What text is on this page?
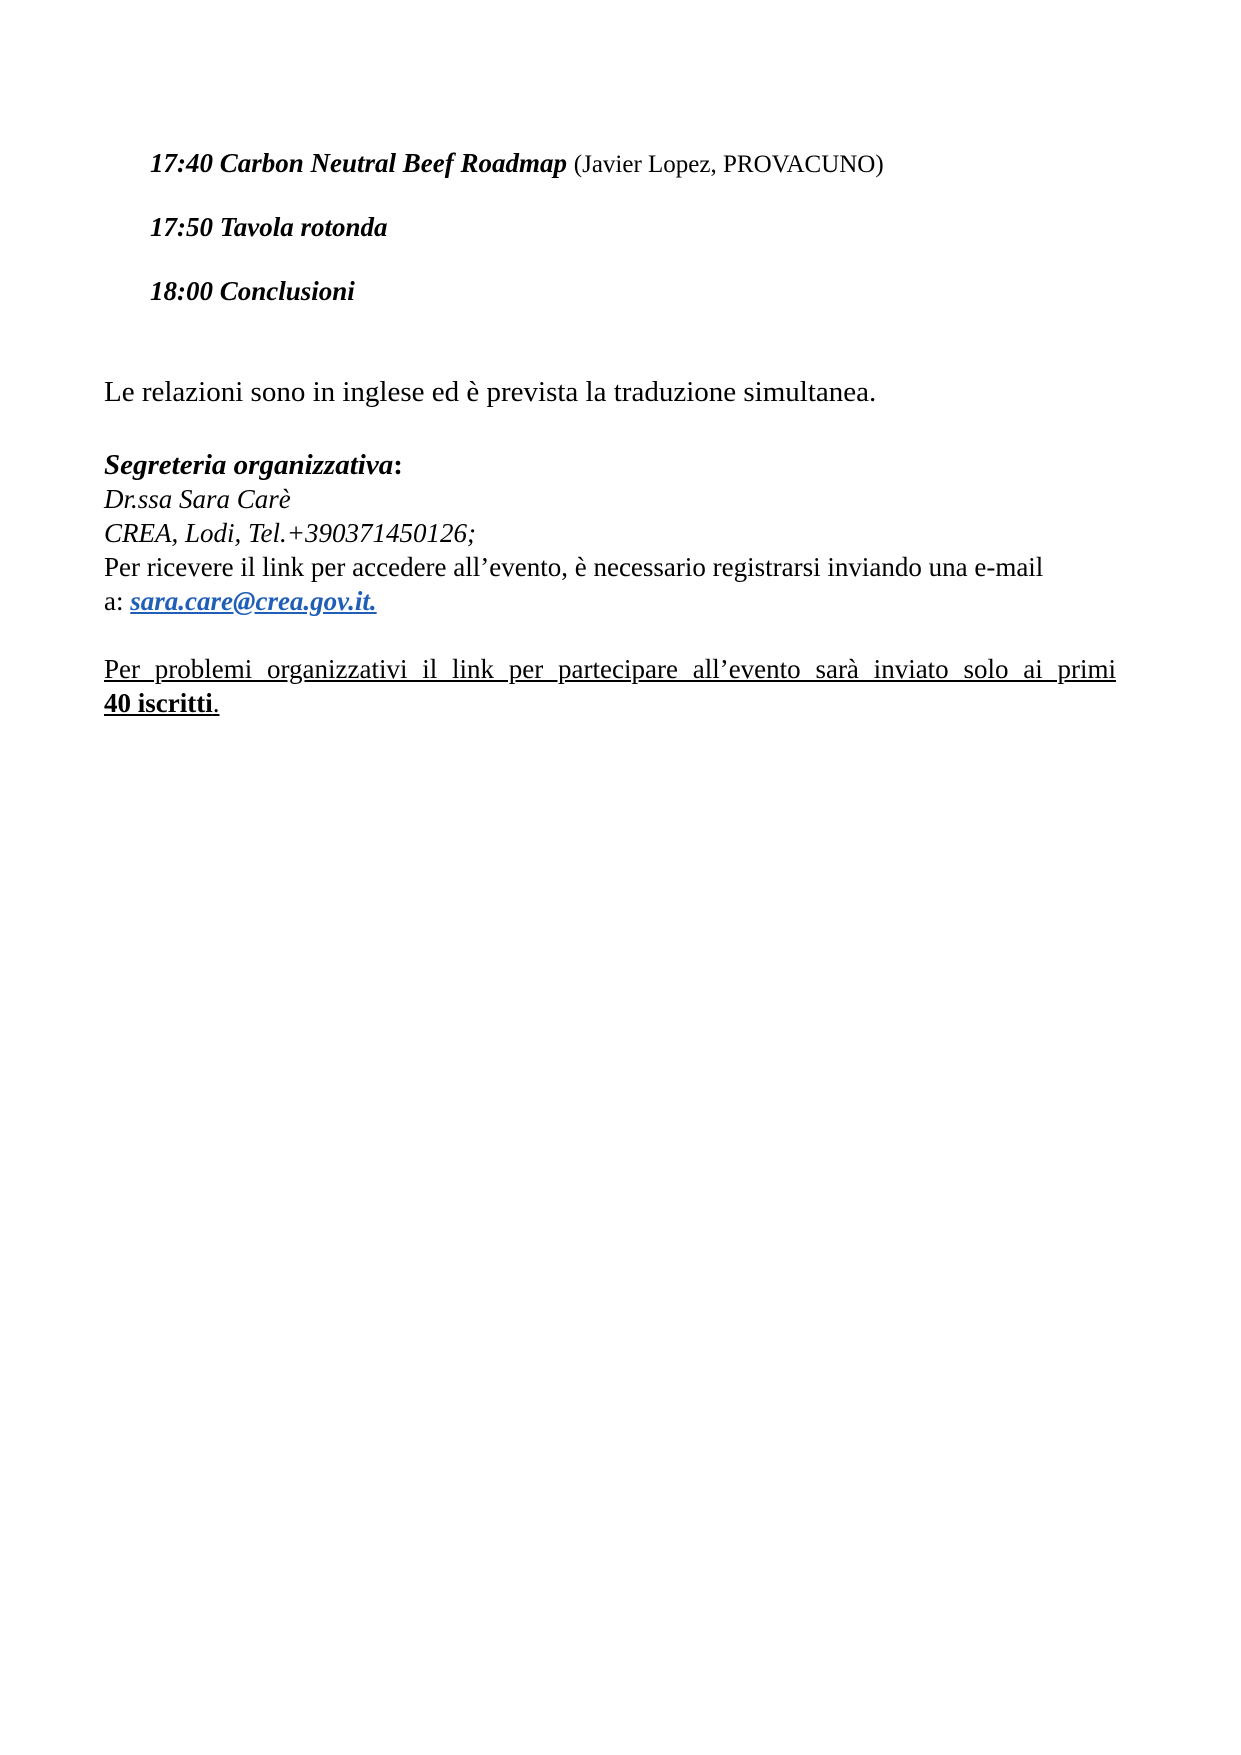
17:40 Carbon Neutral Beef Roadmap (Javier Lopez, PROVACUNO)
17:50 Tavola rotonda
18:00 Conclusioni
Le relazioni sono in inglese ed è prevista la traduzione simultanea.
Segreteria organizzativa:
Dr.ssa Sara Carè
CREA, Lodi, Tel.+390371450126;
Per ricevere il link per accedere all’evento, è necessario registrarsi inviando una e-mail
a: sara.care@crea.gov.it.
Per problemi organizzativi il link per partecipare all’evento sarà inviato solo ai primi
40 iscritti.
